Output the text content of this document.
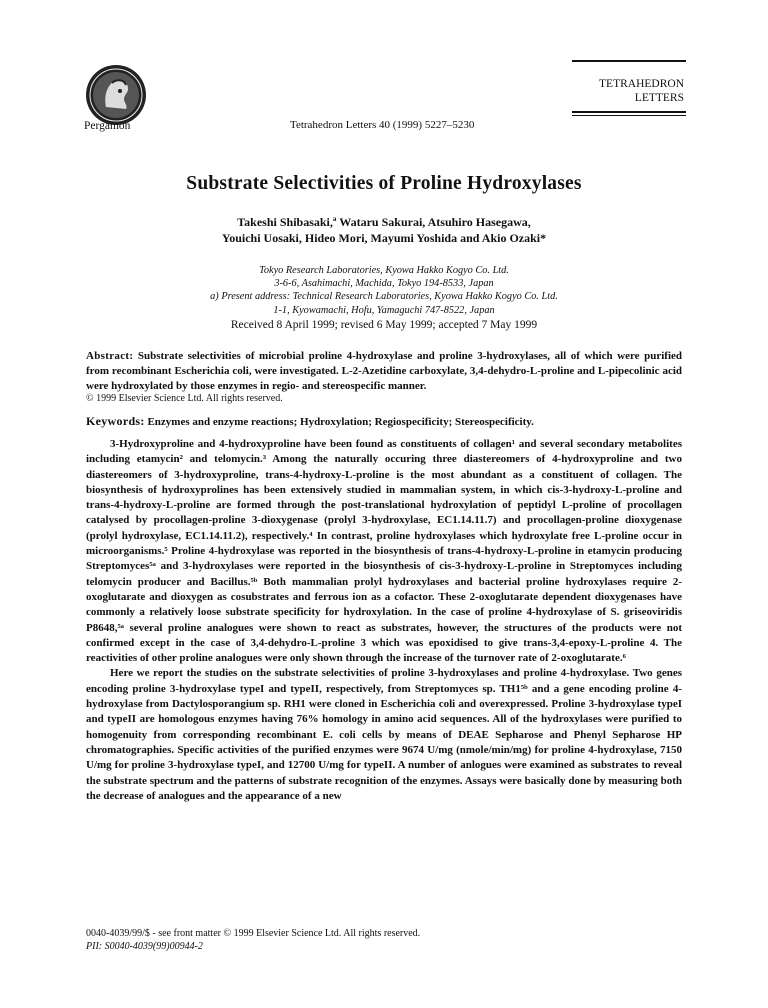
Pergamon	Tetrahedron Letters 40 (1999) 5227–5230
TETRAHEDRON
LETTERS
Substrate Selectivities of Proline Hydroxylases
Takeshi Shibasaki,ª Wataru Sakurai, Atsuhiro Hasegawa,
Youichi Uosaki, Hideo Mori, Mayumi Yoshida and Akio Ozaki*
Tokyo Research Laboratories, Kyowa Hakko Kogyo Co. Ltd.
3-6-6, Asahimachi, Machida, Tokyo 194-8533, Japan
a) Present address: Technical Research Laboratories, Kyowa Hakko Kogyo Co. Ltd.
1-1, Kyowamachi, Hofu, Yamaguchi 747-8522, Japan
Received 8 April 1999; revised 6 May 1999; accepted 7 May 1999
Abstract: Substrate selectivities of microbial proline 4-hydroxylase and proline 3-hydroxylases, all of which were purified from recombinant Escherichia coli, were investigated. L-2-Azetidine carboxylate, 3,4-dehydro-L-proline and L-pipecolinic acid were hydroxylated by those enzymes in regio- and stereospecific manner.
© 1999 Elsevier Science Ltd. All rights reserved.
Keywords: Enzymes and enzyme reactions; Hydroxylation; Regiospecificity; Stereospecificity.

3-Hydroxyproline and 4-hydroxyproline have been found as constituents of collagen¹ and several secondary metabolites including etamycin² and telomycin.³ Among the naturally occuring three diastereomers of 4-hydroxyproline and two diastereomers of 3-hydroxyproline, trans-4-hydroxy-L-proline is the most abundant as a constituent of collagen. The biosynthesis of hydroxyprolines has been extensively studied in mammalian system, in which cis-3-hydroxy-L-proline and trans-4-hydroxy-L-proline are formed through the post-translational hydroxylation of peptidyl L-proline of procollagen catalysed by procollagen-proline 3-dioxygenase (prolyl 3-hydroxylase, EC1.14.11.7) and procollagen-proline dioxygenase (prolyl hydroxylase, EC1.14.11.2), respectively.⁴ In contrast, proline hydroxylases which hydroxylate free L-proline occur in microorganisms.⁵ Proline 4-hydroxylase was reported in the biosynthesis of trans-4-hydroxy-L-proline in etamycin producing Streptomyces⁵ᵃ and 3-hydroxylases were reported in the biosynthesis of cis-3-hydroxy-L-proline in Streptomyces including telomycin producer and Bacillus.⁵ᵇ Both mammalian prolyl hydroxylases and bacterial proline hydroxylases require 2-oxoglutarate and dioxygen as cosubstrates and ferrous ion as a cofactor. These 2-oxoglutarate dependent dioxygenases have commonly a relatively loose substrate specificity for hydroxylation. In the case of proline 4-hydroxylase of S. griseoviridis P8648,⁵ᵃ several proline analogues were shown to react as substrates, however, the structures of the products were not confirmed except in the case of 3,4-dehydro-L-proline 3 which was epoxidised to give trans-3,4-epoxy-L-proline 4. The reactivities of other proline analogues were only shown through the increase of the turnover rate of 2-oxoglutarate.⁶

Here we report the studies on the substrate selectivities of proline 3-hydroxylases and proline 4-hydroxylase. Two genes encoding proline 3-hydroxylase typeI and typeII, respectively, from Streptomyces sp. TH1⁵ᵇ and a gene encoding proline 4-hydroxylase from Dactylosporangium sp. RH1 were cloned in Escherichia coli and overexpressed. Proline 3-hydroxylase typeI and typeII are homologous enzymes having 76% homology in amino acid sequences. All of the hydroxylases were purified to homogenuity from corresponding recombinant E. coli cells by means of DEAE Sepharose and Phenyl Sepharose HP chromatographies. Specific activities of the purified enzymes were 9674 U/mg (nmole/min/mg) for proline 4-hydroxylase, 7150 U/mg for proline 3-hydroxylase typeI, and 12700 U/mg for typeII. A number of anlogues were examined as substrates to reveal the substrate spectrum and the patterns of substrate recognition of the enzymes. Assays were basically done by measuring both the decrease of analogues and the appearance of a new

0040-4039/99/$ - see front matter © 1999 Elsevier Science Ltd. All rights reserved.
PII: S0040-4039(99)00944-2
